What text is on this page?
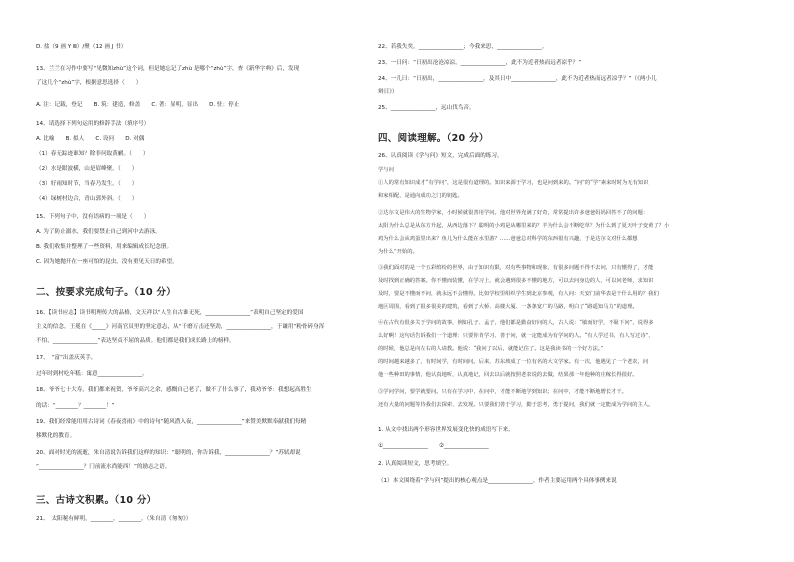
D. 盐（9 画 Y Ⅲ）/聚（12 画 J 书）
13、兰兰在习作中要写“见微知zhù”这个词，但是她忘记了zhù 是哪个“zhù”字，查《新华字典》后，发现
了这几个“zhù”字，根据意思选择（　　）
A. 注：记载，登记　　B. 筑：建造，修盖　　C. 著：显明，显出　　D. 驻：停止
14、请选择下列句运用的修辞手法（填序号）
A. 比喻　　B. 拟人　　C. 设问　　D. 对偶
（1）春无踪迹谁知？除非问取黄鹂。（　　）
（2）水是眼波横，山是眉峰聚。（　　）
（3）好雨知时节，当春乃发生。（　　）
（4）绿树村边合，青山郭外斜。（　　）
15、下列句子中，没有语病的一项是（　　）
A. 为了防止溺水，我们要禁止自己到河中去游泳。
B. 我们收集并整理了一些资料，用来编辑成长纪念册。
C. 因为她抛开在一座可怕的昆虫，没有重见天日的希望。
二、按要求完成句子。（10 分）
16、【读书应志】读书明理传大的品格，文天祥以“人生自古谁无死，________________”表明自己坚定的爱国
主义的信念。王冕在《_____》河南官员里的坚定意志，从“千磨万击还坚劲，________________，于谦用“粉骨碎身浑
不怕，________________”表达坚贞不屈的品质。他们都是我们成长路上的榜样。
17、　“富”出盖庆英手。
过年时到村吃年糕：寓意________________。
18、爷爷七十大寿，我们都来祝贺，爷爷高兴之余，感慨自己老了，做不了什么事了，我劝爷爷：我想起高胜生
的话：“________？________！”
19、我们经常能用用古诗词《春夜喜雨》中的诗句“随风潜入夜，________________”来赞美默默奉献我们每精
移默化的教育。
20、面对时光的流逝，朱自清说告诉我们这样的知识：“聪明的，你告诉我，________________？”苏轼却说
“________________？门前流水尚能西！”的励志之语。
三、古诗文积累。（10 分）
21、　太阳秘有鲜明，________，________。（朱自清《匆匆》）
22、若我失矣，________________；今我来思，________________。
23、一日问：“日初出沧沧凉凉，________________，此不为近者热而远者凉乎？”
24、一儿曰：“日初出，________________，及其日中________________，此不为近者热而远者凉乎？”（《两小儿
辩日》）
25、________________，远山伐鸟音。
四、阅读理解。（20 分）
26、认真阅读《学与问》短文，完成后面的练习。
学与问
①人的常有知识成才“有学问”，这是很有道理的。知识来源于学习，也是问到来的。“问”的“学”素来时时为无有知识
和家相配，是通向成功之门的钥匙。
②达尔文是伟大的生物学家，小时候就很善用学问。他对世界充满了好奇，常常提出许多爸爸妈妈回答不了的问题：
太阳为什么总是从东方升起，从西边落下？聪明的小鸡是从哪里来的？羊为什么会不断吃草？为什么到了夏天叶子变黄了？小
鸡为什么会从鸡蛋里出来？鱼儿为什么能在水里游？……爸爸总对科学的东西很有兴趣，于是达尔文对什么都想
为什么”开始的。
③我们面对的是一个五彩缤纷的世界，由于知识有限，对有些事物和现象，有很多问题不得不去问，只有懂得了，才能
及时找到正确的答案。你不懂而装懂，在学习上，就会遇到很多不懂的地方，可以去问身边的人，可以问老师，求知识
及时，要是不懂而不问，就永远不会懂得。比如学校里组织学生到北京参观，有人问：天安门前华表是干什么用的？我们
地区周围，看到了很多很美的建筑，看到了大桥、高楼大厦、一条条宽广的马路，明白了“路遥知马力”的道理。
④在古代有很多关于学问的故事，例如孔子、孟子，他们都是勤奋好问的人，古人说：“敏而好学，不耻下问”，说得多
么好啊！这句话告诉我们一个道理：只要你肯学习、善于问，就一定能成为有学问的人。“有人学过书，有人写过诗”，
的时候，他总是向左右的人请教。他说：“我问了以后，就能记住了。这是我读书的一个好方法。”
的时间越来越多了，有时间学，有时间问。后来，苏东坡成了一位有名的大文学家。有一次，他遇见了一个老农，问
他一些种田的事情，他认真地听，认真地记，回去以后就按照老农说的去做，结果那一年他种的庄稼长得很好。
⑤学问学问，要学就要问。只有在学习中，在问中，才能不断地学到知识；在问中，才能不断地增长才干。
还有大量的问题等待我们去探索、去发现。只要我们善于学习，勤于思考，勇于提问，我们就一定能成为学问的主人。
1. 从文中找出两个形容世界发展变化快的成语写下来。
①________________　　②________________
2. 认真阅读短文，思考填空。
（1）本文围绕着“学与问”提出的核心观点是________________。作者主要运用两个具体事例来说
